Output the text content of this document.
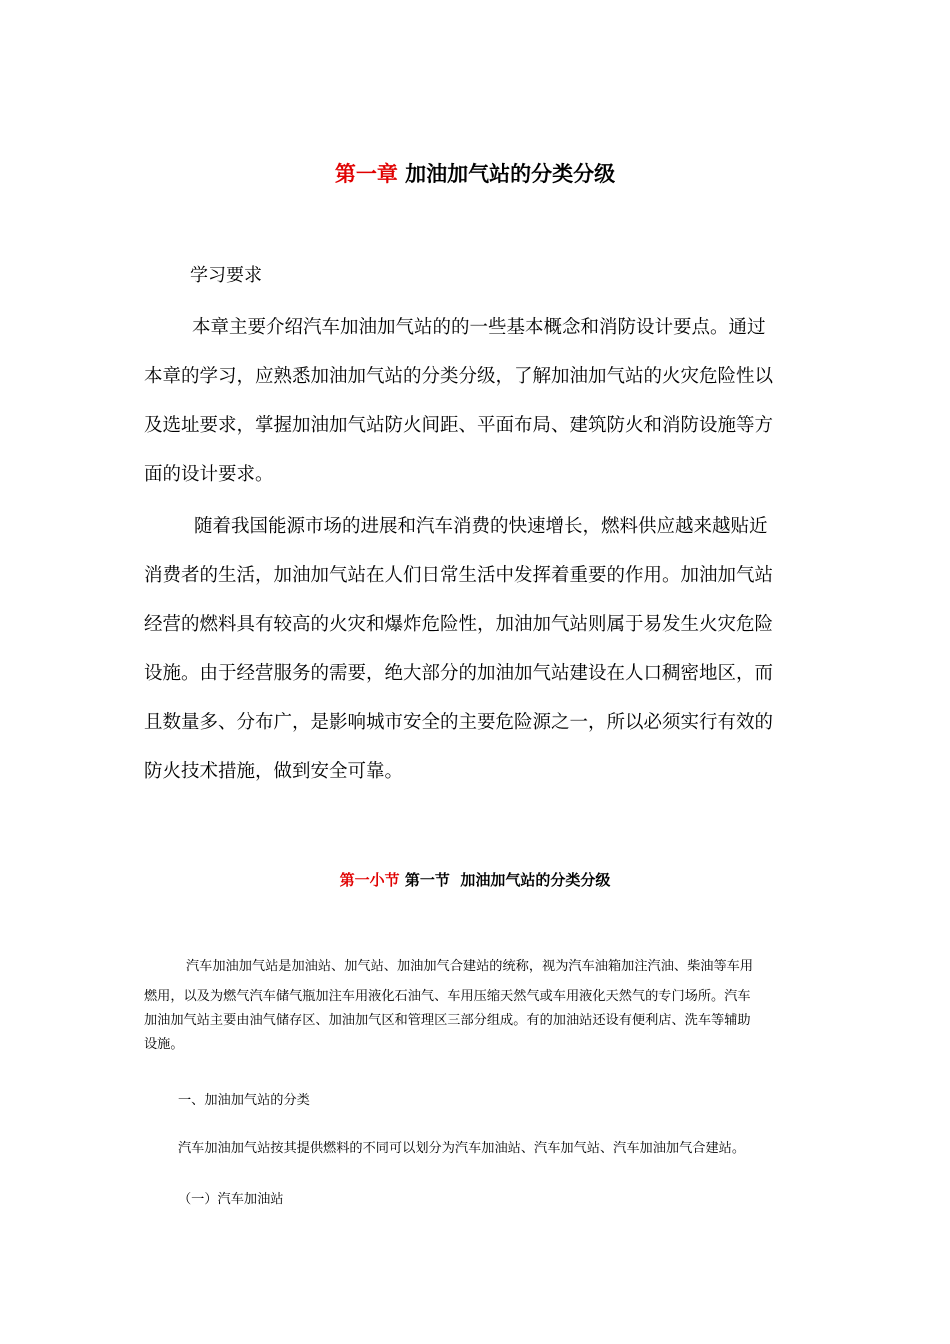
第一章 加油加气站的分类分级
学习要求
本章主要介绍汽车加油加气站的的一些基本概念和消防设计要点。通过
本章的学习，应熟悉加油加气站的分类分级，了解加油加气站的火灾危险性以
及选址要求，掌握加油加气站防火间距、平面布局、建筑防火和消防设施等方
面的设计要求。
随着我国能源市场的进展和汽车消费的快速增长，燃料供应越来越贴近
消费者的生活，加油加气站在人们日常生活中发挥着重要的作用。加油加气站
经营的燃料具有较高的火灾和爆炸危险性，加油加气站则属于易发生火灾危险
设施。由于经营服务的需要，绝大部分的加油加气站建设在人口稠密地区，而
且数量多、分布广，是影响城市安全的主要危险源之一，所以必须实行有效的
防火技术措施，做到安全可靠。
第一小节 第一节 加油加气站的分类分级
汽车加油加气站是加油站、加气站、加油加气合建站的统称，视为汽车油箱加注汽油、柴油等车用
燃用，以及为燃气汽车储气瓶加注车用液化石油气、车用压缩天然气或车用液化天然气的专门场所。汽车
加油加气站主要由油气储存区、加油加气区和管理区三部分组成。有的加油站还设有便利店、洗车等辅助
设施。
一、加油加气站的分类
汽车加油加气站按其提供燃料的不同可以划分为汽车加油站、汽车加气站、汽车加油加气合建站。
（一）汽车加油站
